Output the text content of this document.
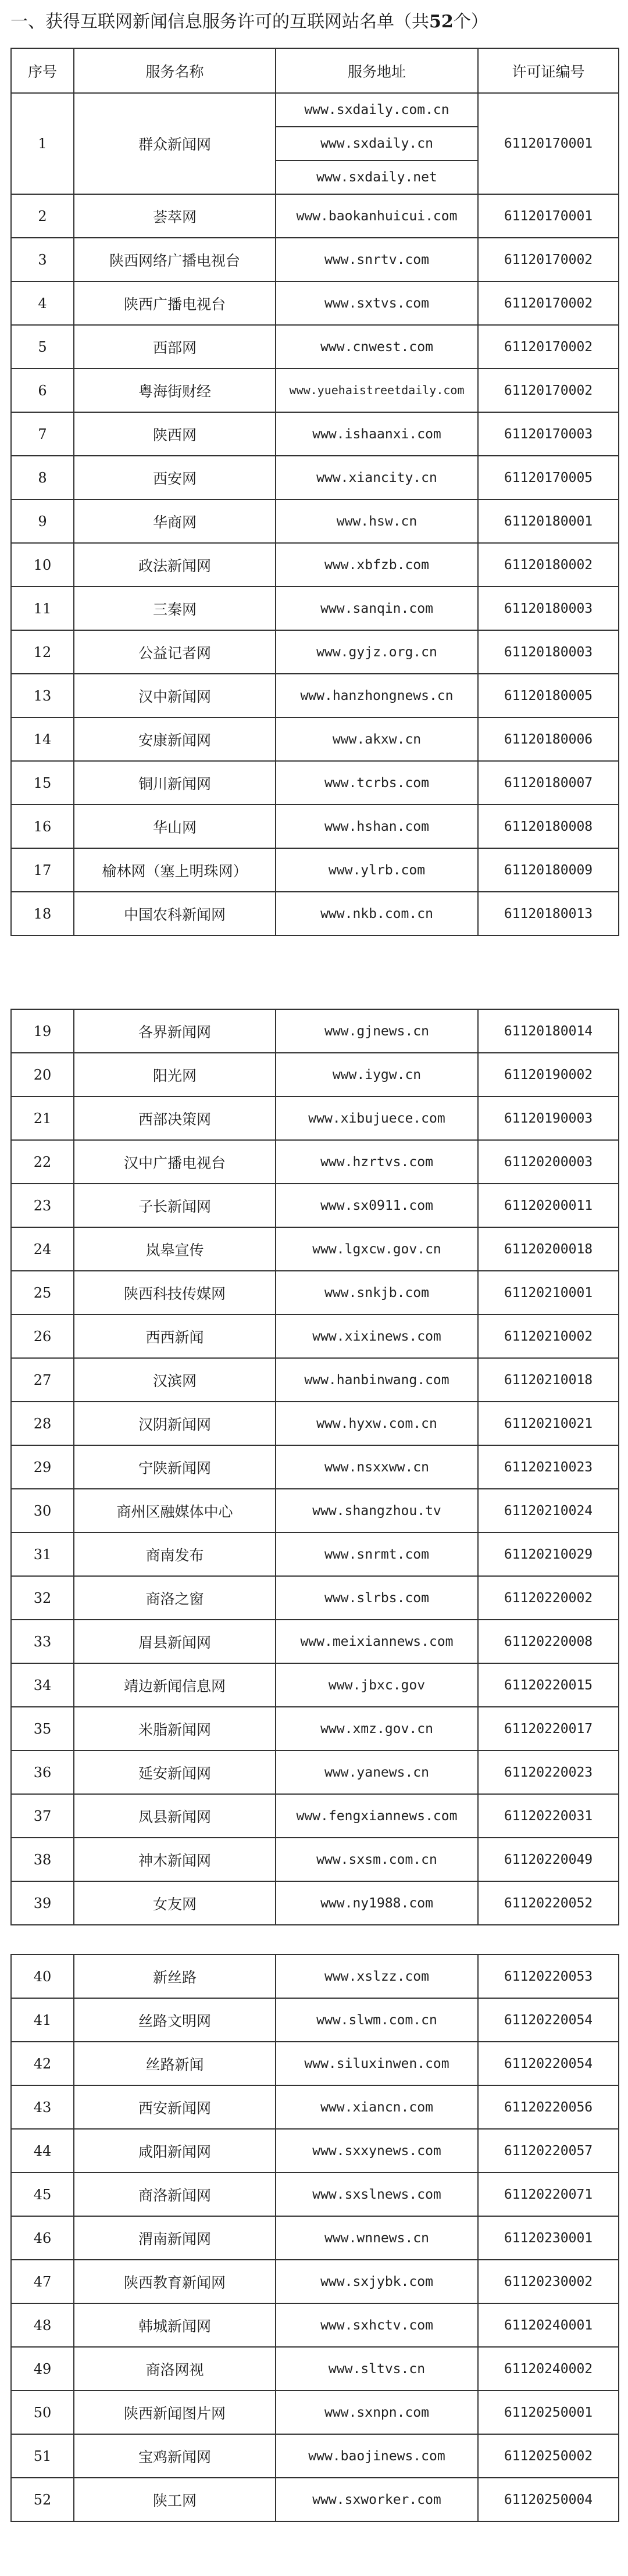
一、获得互联网新闻信息服务许可的互联网站名单（共52个）
序号	服务名称	服务地址	许可证编号
1	群众新闻网	www.sxdaily.com.cn	61120170001
		www.sxdaily.cn	
		www.sxdaily.net	
2	荟萃网	www.baokanhuicui.com	61120170001
3	陕西网络广播电视台	www.snrtv.com	61120170002
4	陕西广播电视台	www.sxtvs.com	61120170002
5	西部网	www.cnwest.com	61120170002
6	粤海街财经	www.yuehaistreetdaily.com	61120170002
7	陕西网	www.ishaanxi.com	61120170003
8	西安网	www.xiancity.cn	61120170005
9	华商网	www.hsw.cn	61120180001
10	政法新闻网	www.xbfzb.com	61120180002
11	三秦网	www.sanqin.com	61120180003
12	公益记者网	www.gyjz.org.cn	61120180003
13	汉中新闻网	www.hanzhongnews.cn	61120180005
14	安康新闻网	www.akxw.cn	61120180006
15	铜川新闻网	www.tcrbs.com	61120180007
16	华山网	www.hshan.com	61120180008
17	榆林网（塞上明珠网）	www.ylrb.com	61120180009
18	中国农科新闻网	www.nkb.com.cn	61120180013
19	各界新闻网	www.gjnews.cn	61120180014
20	阳光网	www.iygw.cn	61120190002
21	西部决策网	www.xibujuece.com	61120190003
22	汉中广播电视台	www.hzrtvs.com	61120200003
23	子长新闻网	www.sx0911.com	61120200011
24	岚皋宣传	www.lgxcw.gov.cn	61120200018
25	陕西科技传媒网	www.snkjb.com	61120210001
26	西西新闻	www.xixinews.com	61120210002
27	汉滨网	www.hanbinwang.com	61120210018
28	汉阴新闻网	www.hyxw.com.cn	61120210021
29	宁陕新闻网	www.nsxxww.cn	61120210023
30	商州区融媒体中心	www.shangzhou.tv	61120210024
31	商南发布	www.snrmt.com	61120210029
32	商洛之窗	www.slrbs.com	61120220002
33	眉县新闻网	www.meixiannews.com	61120220008
34	靖边新闻信息网	www.jbxc.gov	61120220015
35	米脂新闻网	www.xmz.gov.cn	61120220017
36	延安新闻网	www.yanews.cn	61120220023
37	凤县新闻网	www.fengxiannews.com	61120220031
38	神木新闻网	www.sxsm.com.cn	61120220049
39	女友网	www.ny1988.com	61120220052
40	新丝路	www.xslzz.com	61120220053
41	丝路文明网	www.slwm.com.cn	61120220054
42	丝路新闻	www.siluxinwen.com	61120220054
43	西安新闻网	www.xiancn.com	61120220056
44	咸阳新闻网	www.sxxynews.com	61120220057
45	商洛新闻网	www.sxslnews.com	61120220071
46	渭南新闻网	www.wnnews.cn	61120230001
47	陕西教育新闻网	www.sxjybk.com	61120230002
48	韩城新闻网	www.sxhctv.com	61120240001
49	商洛网视	www.sltvs.cn	61120240002
50	陕西新闻图片网	www.sxnpn.com	61120250001
51	宝鸡新闻网	www.baojinews.com	61120250002
52	陕工网	www.sxworker.com	61120250004
